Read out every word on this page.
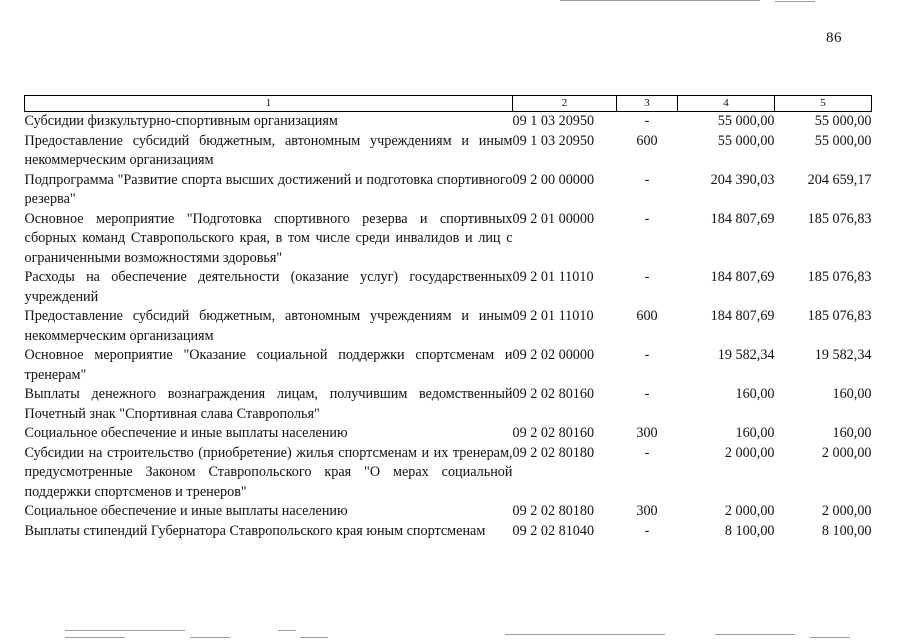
86
1	2	3	4	5
Субсидии физкультурно-спортивным организациям	09 1 03 20950	-	55 000,00	55 000,00
Предоставление субсидий бюджетным, автономным учреждениям и иным некоммерческим организациям	09 1 03 20950	600	55 000,00	55 000,00
Подпрограмма "Развитие спорта высших достижений и подготовка спортивного резерва"	09 2 00 00000	-	204 390,03	204 659,17
Основное мероприятие "Подготовка спортивного резерва и спортивных сборных команд Ставропольского края, в том числе среди инвалидов и лиц с ограниченными возможностями здоровья"	09 2 01 00000	-	184 807,69	185 076,83
Расходы на обеспечение деятельности (оказание услуг) государственных учреждений	09 2 01 11010	-	184 807,69	185 076,83
Предоставление субсидий бюджетным, автономным учреждениям и иным некоммерческим организациям	09 2 01 11010	600	184 807,69	185 076,83
Основное мероприятие "Оказание социальной поддержки спортсменам и тренерам"	09 2 02 00000	-	19 582,34	19 582,34
Выплаты денежного вознаграждения лицам, получившим ведомственный Почетный знак "Спортивная слава Ставрополья"	09 2 02 80160	-	160,00	160,00
Социальное обеспечение и иные выплаты населению	09 2 02 80160	300	160,00	160,00
Субсидии на строительство (приобретение) жилья спортсменам и их тренерам, предусмотренные Законом Ставропольского края "О мерах социальной поддержки спортсменов и тренеров"	09 2 02 80180	-	2 000,00	2 000,00
Социальное обеспечение и иные выплаты населению	09 2 02 80180	300	2 000,00	2 000,00
Выплаты стипендий Губернатора Ставропольского края юным спортсменам	09 2 02 81040	-	8 100,00	8 100,00
